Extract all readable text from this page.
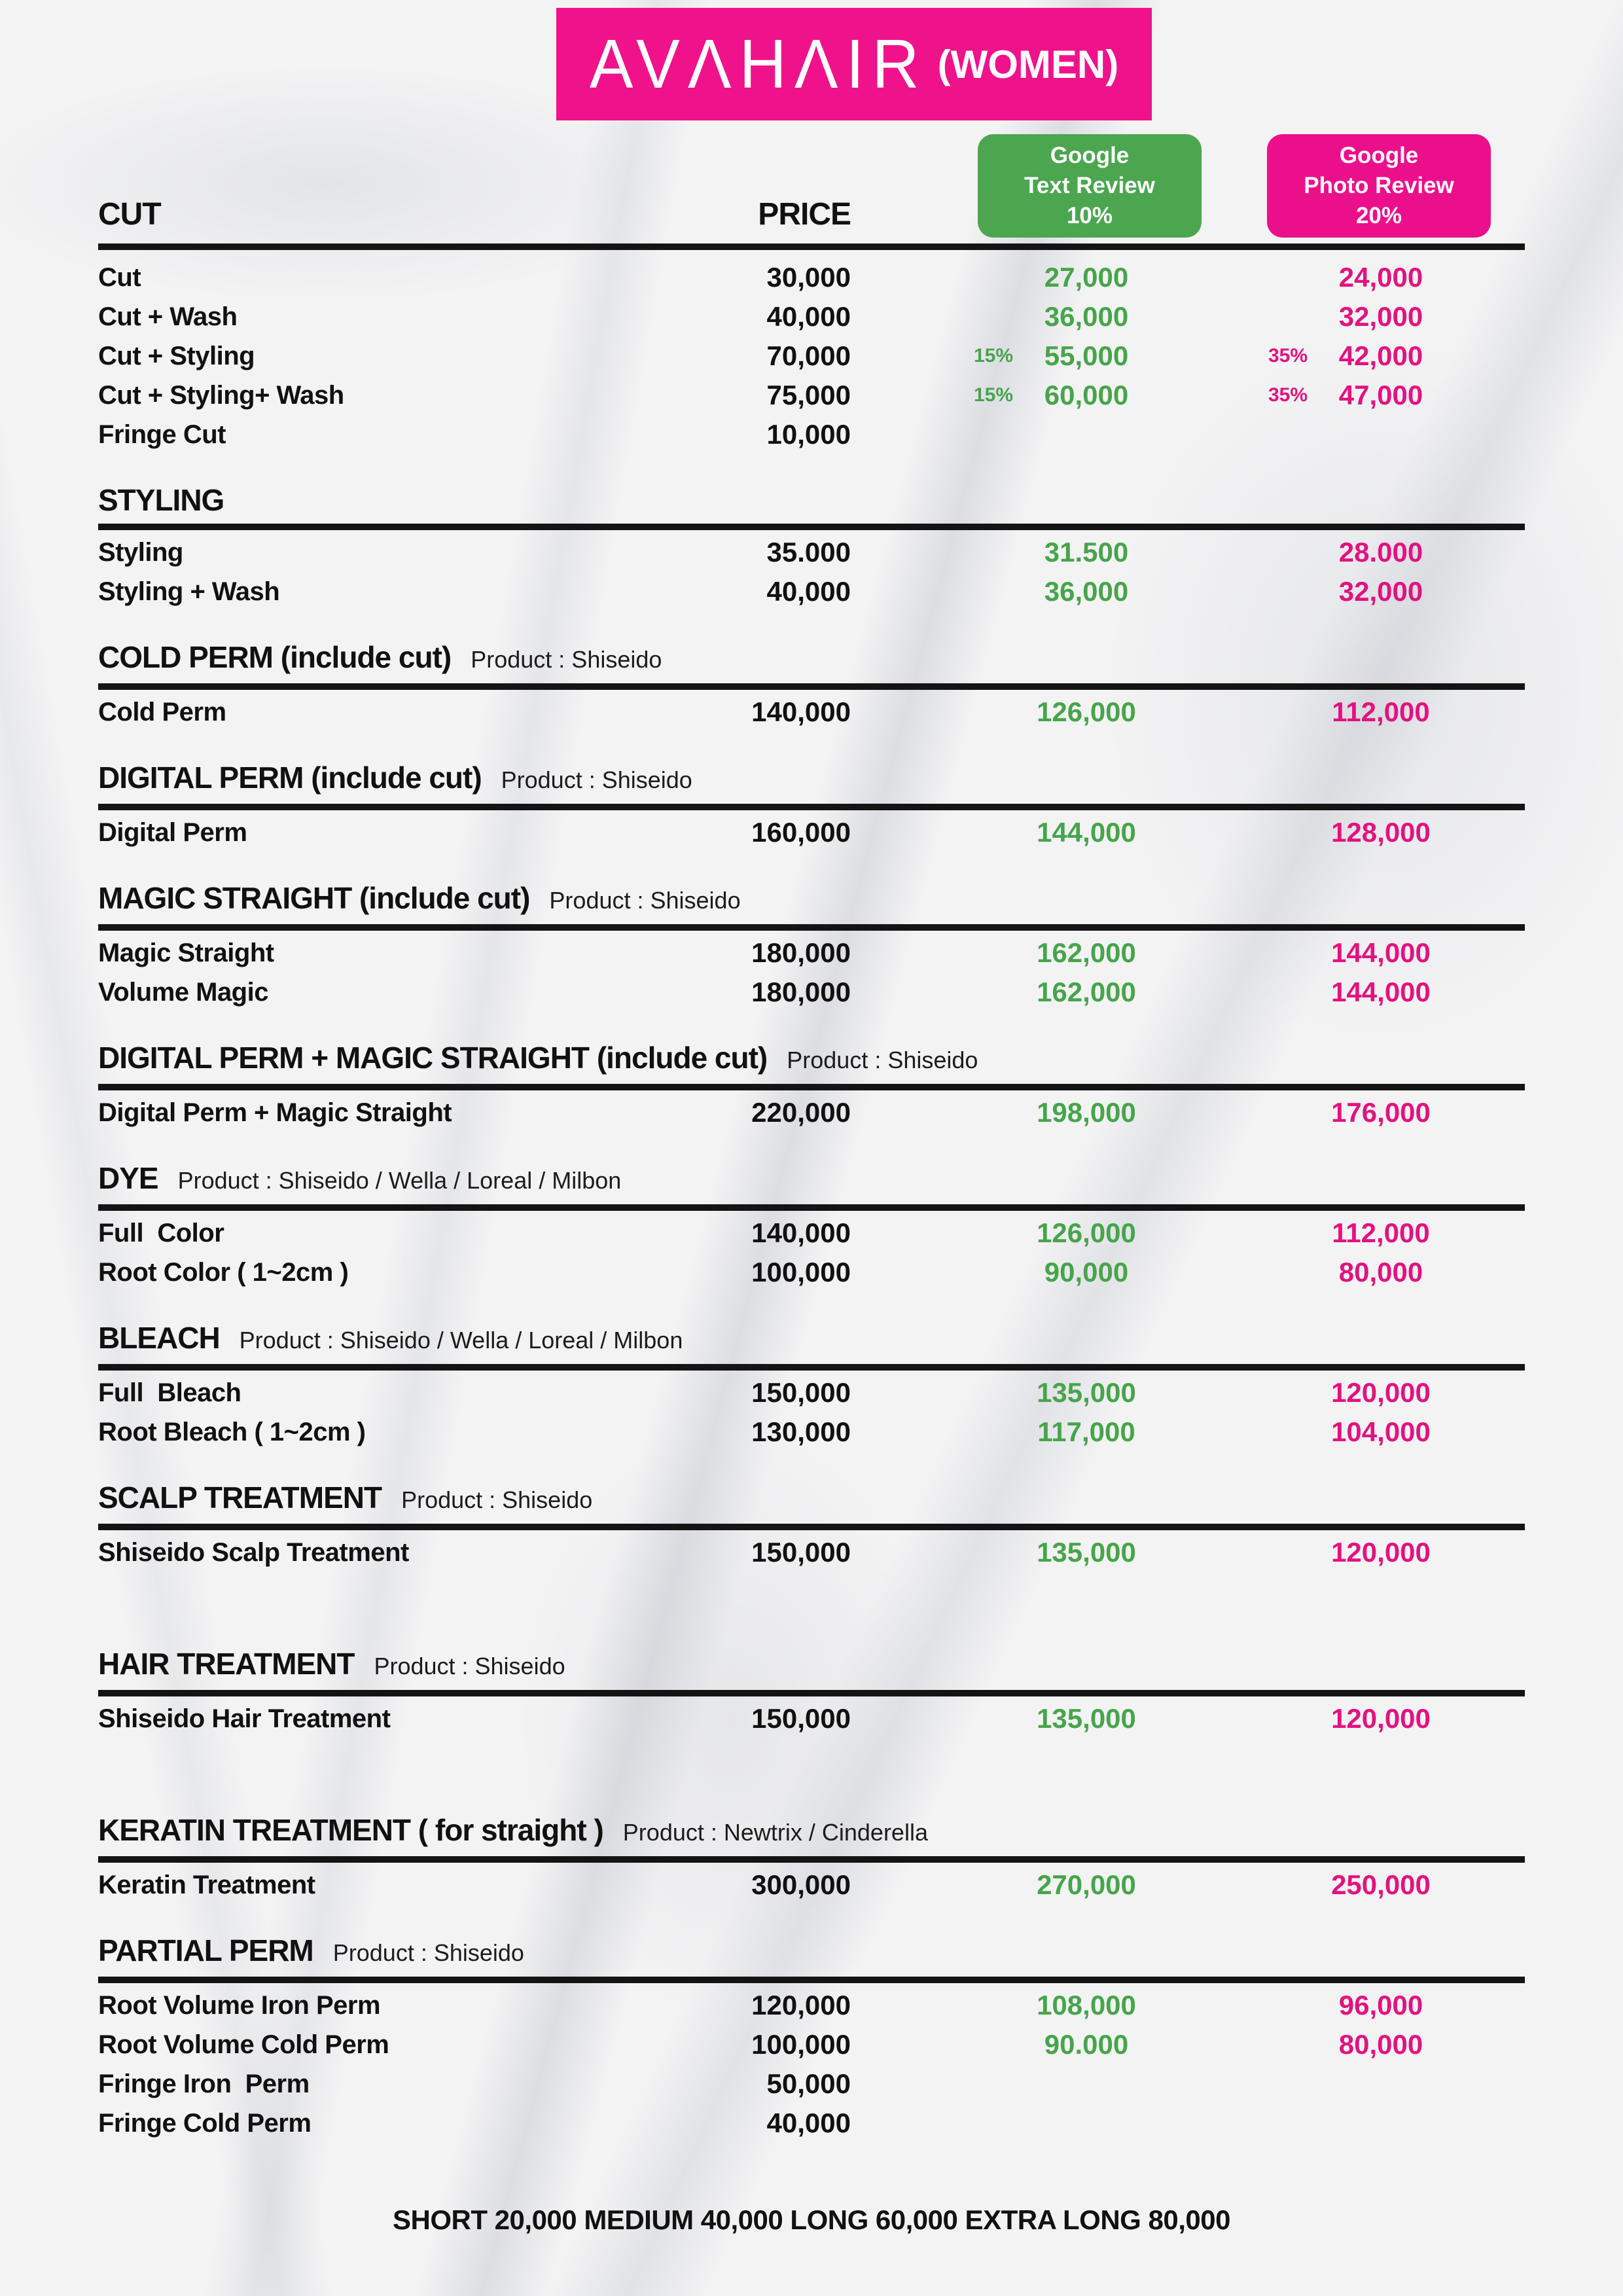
AVΛHΛIR (WOMEN)
Google
Text Review
10%
Google
Photo Review
20%
CUT	PRICE
Cut	30,000	27,000	24,000
Cut + Wash	40,000	36,000	32,000
Cut + Styling	70,000	15% 55,000	35% 42,000
Cut + Styling+ Wash	75,000	15% 60,000	35% 47,000
Fringe Cut	10,000
STYLING
Styling	35.000	31.500	28.000
Styling + Wash	40,000	36,000	32,000
COLD PERM (include cut) Product : Shiseido
Cold Perm	140,000	126,000	112,000
DIGITAL PERM (include cut) Product : Shiseido
Digital Perm	160,000	144,000	128,000
MAGIC STRAIGHT (include cut) Product : Shiseido
Magic Straight	180,000	162,000	144,000
Volume Magic	180,000	162,000	144,000
DIGITAL PERM + MAGIC STRAIGHT (include cut) Product : Shiseido
Digital Perm + Magic Straight	220,000	198,000	176,000
DYE Product : Shiseido / Wella / Loreal / Milbon
Full  Color	140,000	126,000	112,000
Root Color ( 1~2cm )	100,000	90,000	80,000
BLEACH Product : Shiseido / Wella / Loreal / Milbon
Full  Bleach	150,000	135,000	120,000
Root Bleach ( 1~2cm )	130,000	117,000	104,000
SCALP TREATMENT Product : Shiseido
Shiseido Scalp Treatment	150,000	135,000	120,000
HAIR TREATMENT Product : Shiseido
Shiseido Hair Treatment	150,000	135,000	120,000
KERATIN TREATMENT ( for straight ) Product : Newtrix / Cinderella
Keratin Treatment	300,000	270,000	250,000
PARTIAL PERM Product : Shiseido
Root Volume Iron Perm	120,000	108,000	96,000
Root Volume Cold Perm	100,000	90.000	80,000
Fringe Iron  Perm	50,000
Fringe Cold Perm	40,000
SHORT 20,000 MEDIUM 40,000 LONG 60,000 EXTRA LONG 80,000
